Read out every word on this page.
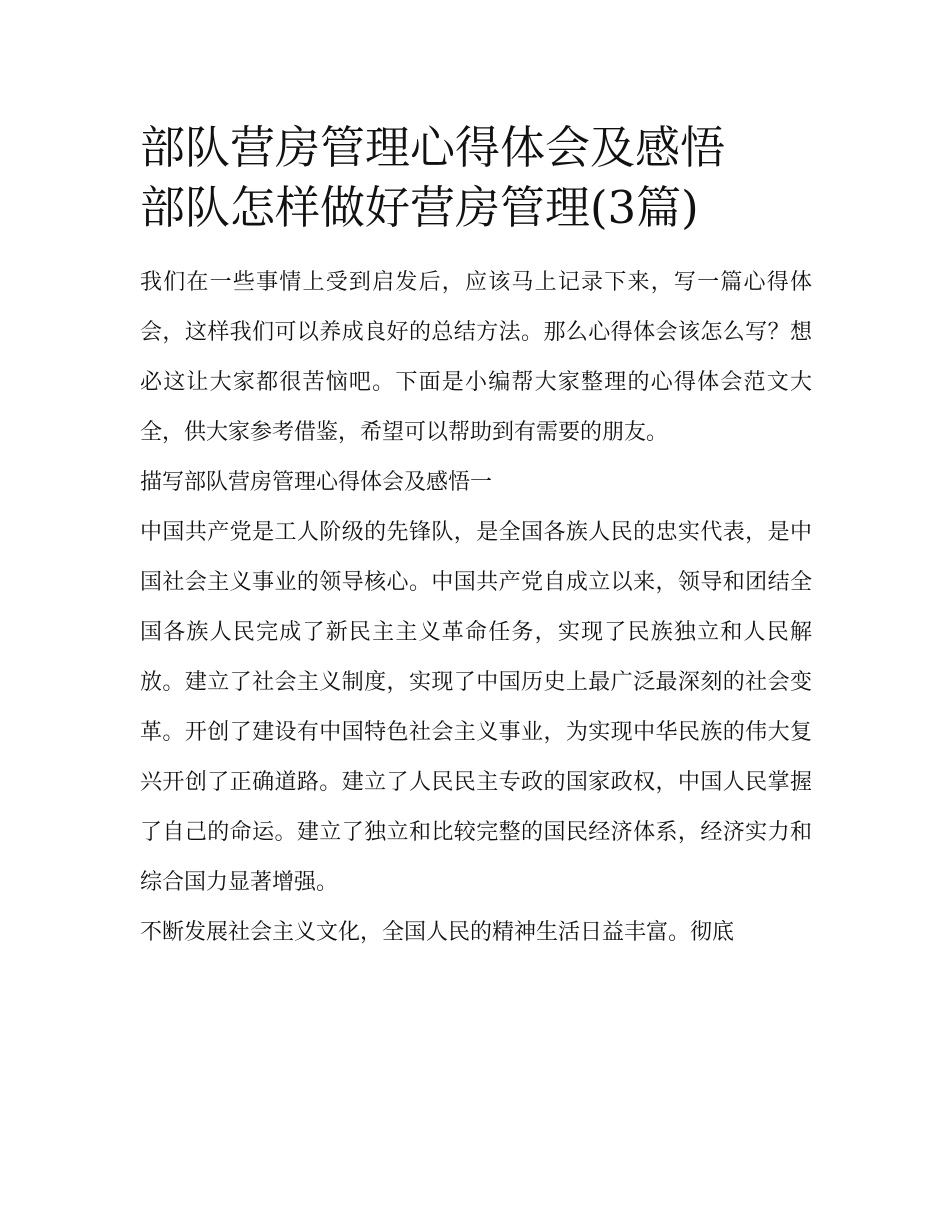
部队营房管理心得体会及感悟
部队怎样做好营房管理(3篇)

我们在一些事情上受到启发后，应该马上记录下来，写一篇心得体会，这样我们可以养成良好的总结方法。那么心得体会该怎么写？想必这让大家都很苦恼吧。下面是小编帮大家整理的心得体会范文大全，供大家参考借鉴，希望可以帮助到有需要的朋友。

描写部队营房管理心得体会及感悟一

中国共产党是工人阶级的先锋队，是全国各族人民的忠实代表，是中国社会主义事业的领导核心。中国共产党自成立以来，领导和团结全国各族人民完成了新民主主义革命任务，实现了民族独立和人民解放。建立了社会主义制度，实现了中国历史上最广泛最深刻的社会变革。开创了建设有中国特色社会主义事业，为实现中华民族的伟大复兴开创了正确道路。建立了人民民主专政的国家政权，中国人民掌握了自己的命运。建立了独立和比较完整的国民经济体系，经济实力和综合国力显著增强。

不断发展社会主义文化，全国人民的精神生活日益丰富。彻底
